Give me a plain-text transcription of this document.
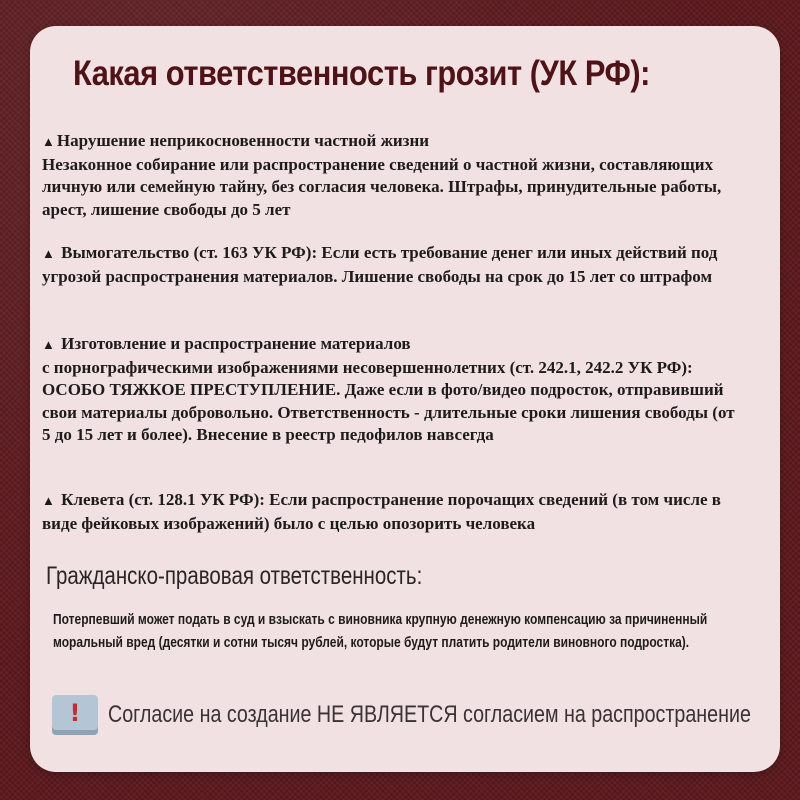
Какая ответственность грозит (УК РФ):

▲ Нарушение неприкосновенности частной жизни
Незаконное собирание или распространение сведений о частной жизни, составляющих личную или семейную тайну, без согласия человека. Штрафы, принудительные работы, арест, лишение свободы до 5 лет

▲ Вымогательство (ст. 163 УК РФ): Если есть требование денег или иных действий под угрозой распространения материалов. Лишение свободы на срок до 15 лет со штрафом

▲ Изготовление и распространение материалов
с порнографическими изображениями несовершеннолетних (ст. 242.1, 242.2 УК РФ): ОСОБО ТЯЖКОЕ ПРЕСТУПЛЕНИЕ. Даже если в фото/видео подросток, отправивший свои материалы добровольно. Ответственность - длительные сроки лишения свободы (от 5 до 15 лет и более). Внесение в реестр педофилов навсегда

▲ Клевета (ст. 128.1 УК РФ): Если распространение порочащих сведений (в том числе в виде фейковых изображений) было с целью опозорить человека

Гражданско-правовая ответственность:
Потерпевший может подать в суд и взыскать с виновника крупную денежную компенсацию за причиненный моральный вред (десятки и сотни тысяч рублей, которые будут платить родители виновного подростка).
!	Согласие на создание НЕ ЯВЛЯЕТСЯ согласием на распространение
